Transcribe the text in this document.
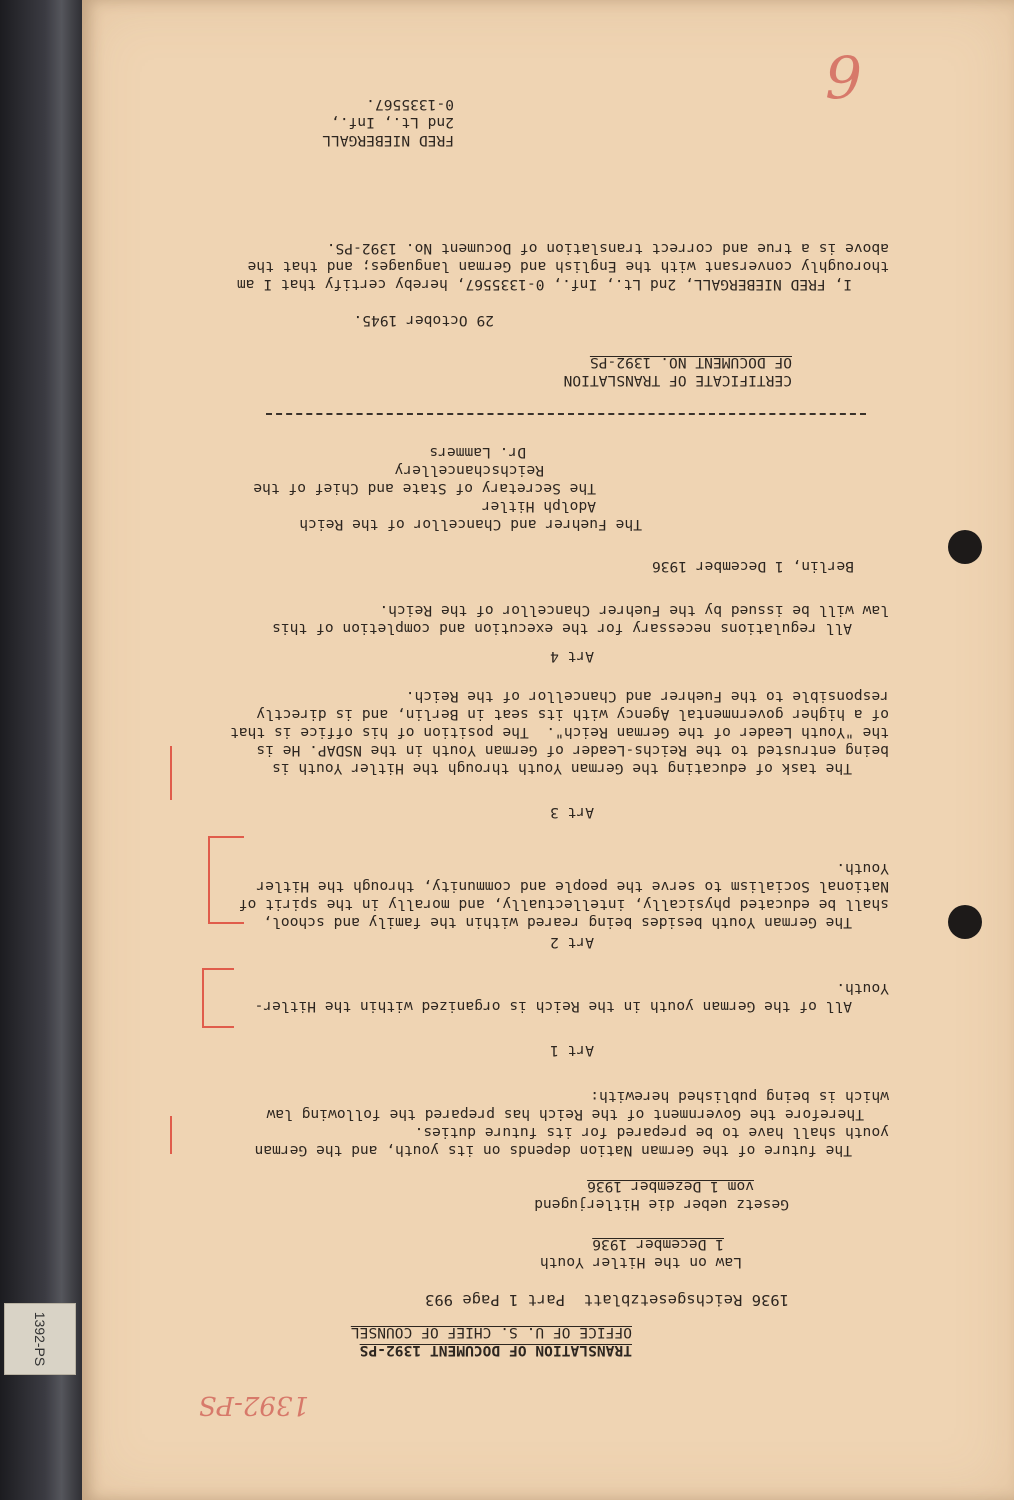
1392-PS
1392-PS
6
TRANSLATION OF DOCUMENT 1392-PS
OFFICE OF U. S. CHIEF OF COUNSEL
1936 Reichsgesetzblatt  Part 1 Page 993
Law on the Hitler Youth
1 December 1936
Gesetz ueber die Hitlerjugend
vom 1 Dezember 1936
The future of the German Nation depends on its youth, and the German
youth shall have to be prepared for its future duties.
Therefore the Government of the Reich has prepared the following law
which is being published herewith:
Art 1
All of the German youth in the Reich is organized within the Hitler-
Youth.
Art 2
The German Youth besides being reared within the family and school,
shall be educated physically, intellectually, and morally in the spirit of
National Socialism to serve the people and community, through the Hitler
Youth.
Art 3
The task of educating the German Youth through the Hitler Youth is
being entrusted to the Reichs-Leader of German Youth in the NSDAP. He is
the "Youth Leader of the German Reich".  The position of his office is that
of a higher governmental Agency with its seat in Berlin, and is directly
responsible to the Fuehrer and Chancellor of the Reich.
Art 4
All regulations necessary for the execution and completion of this
law will be issued by the Fuehrer Chancellor of the Reich.
Berlin, 1 December 1936
The Fuehrer and Chancellor of the Reich
Adolph Hitler
The Secretary of State and Chief of the
Reichschancellery
Dr. Lammers
CERTIFICATE OF TRANSLATION
OF DOCUMENT NO. 1392-PS
29 October 1945.
I, FRED NIEBERGALL, 2nd Lt., Inf., 0-1335567, hereby certify that I am
thoroughly conversant with the English and German languages; and that the
above is a true and correct translation of Document No. 1392-PS.
FRED NIEBERGALL
2nd Lt., Inf.,
0-1335567.
